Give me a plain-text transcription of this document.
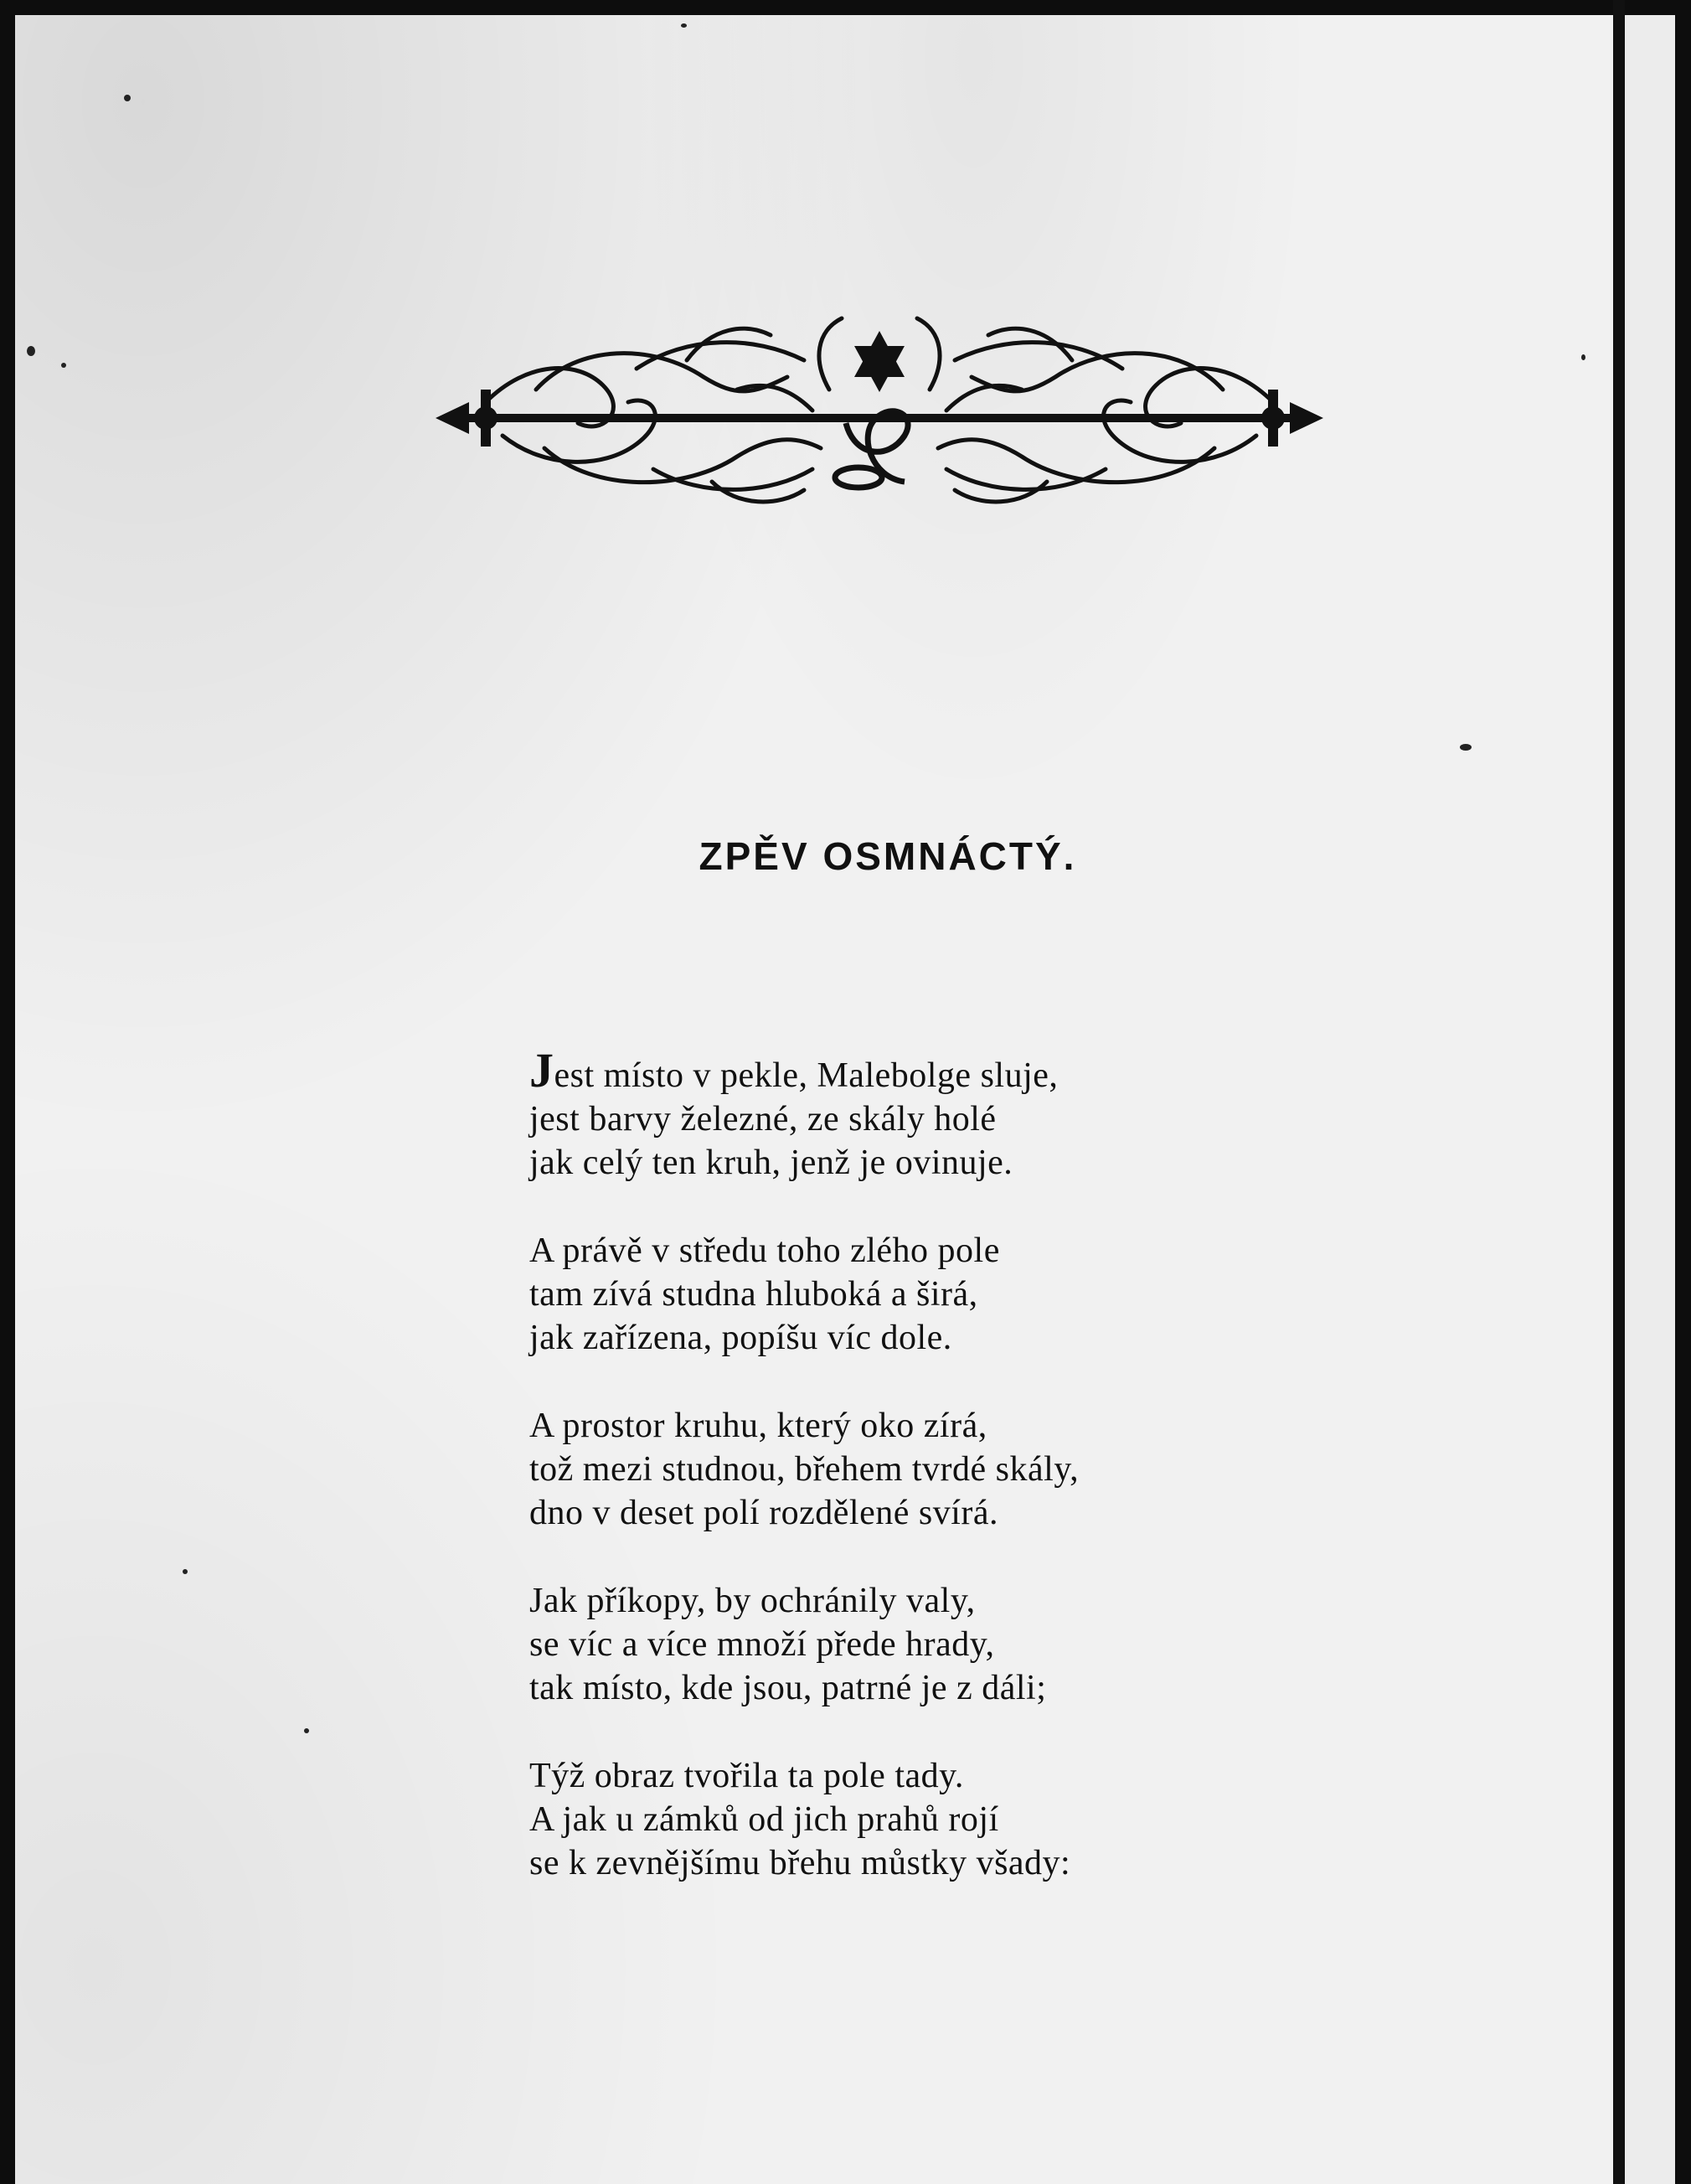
ZPĚV OSMNÁCTÝ.
Jest místo v pekle, Malebolge sluje,
jest barvy železné, ze skály holé
jak celý ten kruh, jenž je ovinuje.
A právě v středu toho zlého pole
tam zívá studna hluboká a širá,
jak zařízena, popíšu víc dole.
A prostor kruhu, který oko zírá,
tož mezi studnou, břehem tvrdé skály,
dno v deset polí rozdělené svírá.
Jak příkopy, by ochránily valy,
se víc a více množí přede hrady,
tak místo, kde jsou, patrné je z dáli;
Týž obraz tvořila ta pole tady.
A jak u zámků od jich prahů rojí
se k zevnějšímu břehu můstky všady:
